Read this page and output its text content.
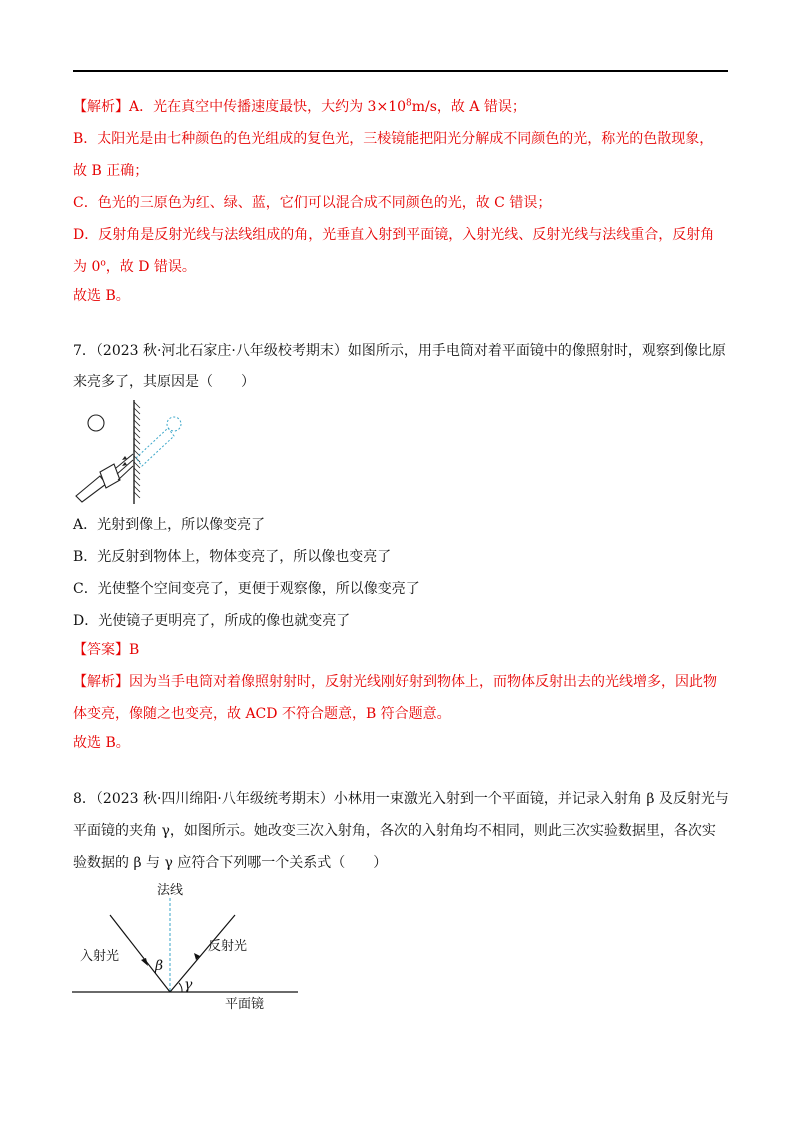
【解析】A．光在真空中传播速度最快，大约为 $3\times 10^8m/s$，故 A 错误；
B．太阳光是由七种颜色的色光组成的复色光，三棱镜能把阳光分解成不同颜色的光，称光的色散现象，
故 B 正确；
C．色光的三原色为红、绿、蓝，它们可以混合成不同颜色的光，故 C 错误；
D．反射角是反射光线与法线组成的角，光垂直入射到平面镜，入射光线、反射光线与法线重合，反射角
为 0$^o$，故 D 错误。
故选 B。
7．（2023 秋·河北石家庄·八年级校考期末）如图所示，用手电筒对着平面镜中的像照射时，观察到像比原
来亮多了，其原因是（　　）
A．光射到像上，所以像变亮了
B．光反射到物体上，物体变亮了，所以像也变亮了
C．光使整个空间变亮了，更便于观察像，所以像变亮了
D．光使镜子更明亮了，所成的像也就变亮了
【答案】B
【解析】因为当手电筒对着像照射射时，反射光线刚好射到物体上，而物体反射出去的光线增多，因此物
体变亮，像随之也变亮，故 ACD 不符合题意，B 符合题意。
故选 B。
8．（2023 秋·四川绵阳·八年级统考期末）小林用一束激光入射到一个平面镜，并记录入射角 β 及反射光与
平面镜的夹角 γ，如图所示。她改变三次入射角，各次的入射角均不相同，则此三次实验数据里，各次实
验数据的 β 与 γ 应符合下列哪一个关系式（　　）
法线
入射光
反射光
β
γ
平面镜
